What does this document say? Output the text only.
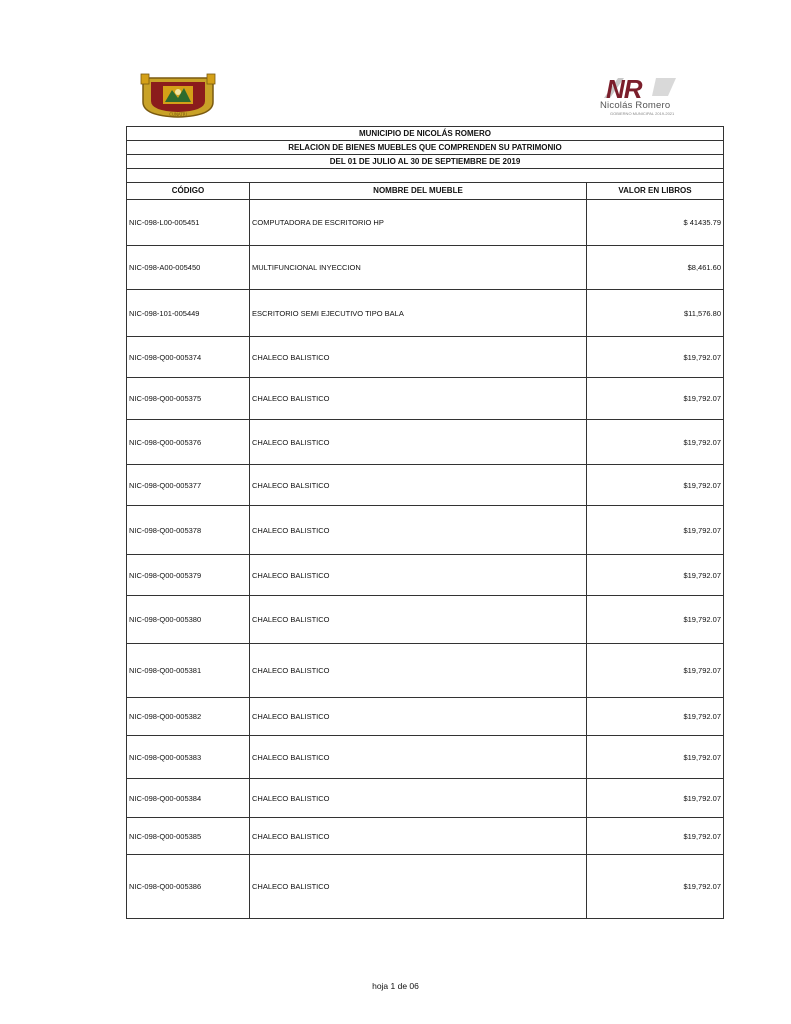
CUNATRI
NR
Nicolás Romero
GOBIERNO MUNICIPAL 2019-2021
MUNICIPIO DE NICOLÁS ROMERO
RELACION DE BIENES MUEBLES QUE COMPRENDEN SU PATRIMONIO
DEL 01 DE JULIO AL 30 DE SEPTIEMBRE DE 2019
CÓDIGO	NOMBRE DEL MUEBLE	VALOR EN LIBROS
NIC-098-L00-005451	COMPUTADORA DE ESCRITORIO HP	$ 41435.79
NIC-098-A00-005450	MULTIFUNCIONAL INYECCION	$8,461.60
NIC-098-101-005449	ESCRITORIO SEMI EJECUTIVO TIPO BALA	$11,576.80
NIC-098-Q00-005374	CHALECO BALISTICO	$19,792.07
NIC-098-Q00-005375	CHALECO BALISTICO	$19,792.07
NIC-098-Q00-005376	CHALECO BALISTICO	$19,792.07
NIC-098-Q00-005377	CHALECO BALSITICO	$19,792.07
NIC-098-Q00-005378	CHALECO BALISTICO	$19,792.07
NIC-098-Q00-005379	CHALECO BALISTICO	$19,792.07
NIC-098-Q00-005380	CHALECO BALISTICO	$19,792.07
NIC-098-Q00-005381	CHALECO BALISTICO	$19,792.07
NIC-098-Q00-005382	CHALECO BALISTICO	$19,792.07
NIC-098-Q00-005383	CHALECO BALISTICO	$19,792.07
NIC-098-Q00-005384	CHALECO BALISTICO	$19,792.07
NIC-098-Q00-005385	CHALECO BALISTICO	$19,792.07
NIC-098-Q00-005386	CHALECO BALISTICO	$19,792.07
hoja 1 de 06
